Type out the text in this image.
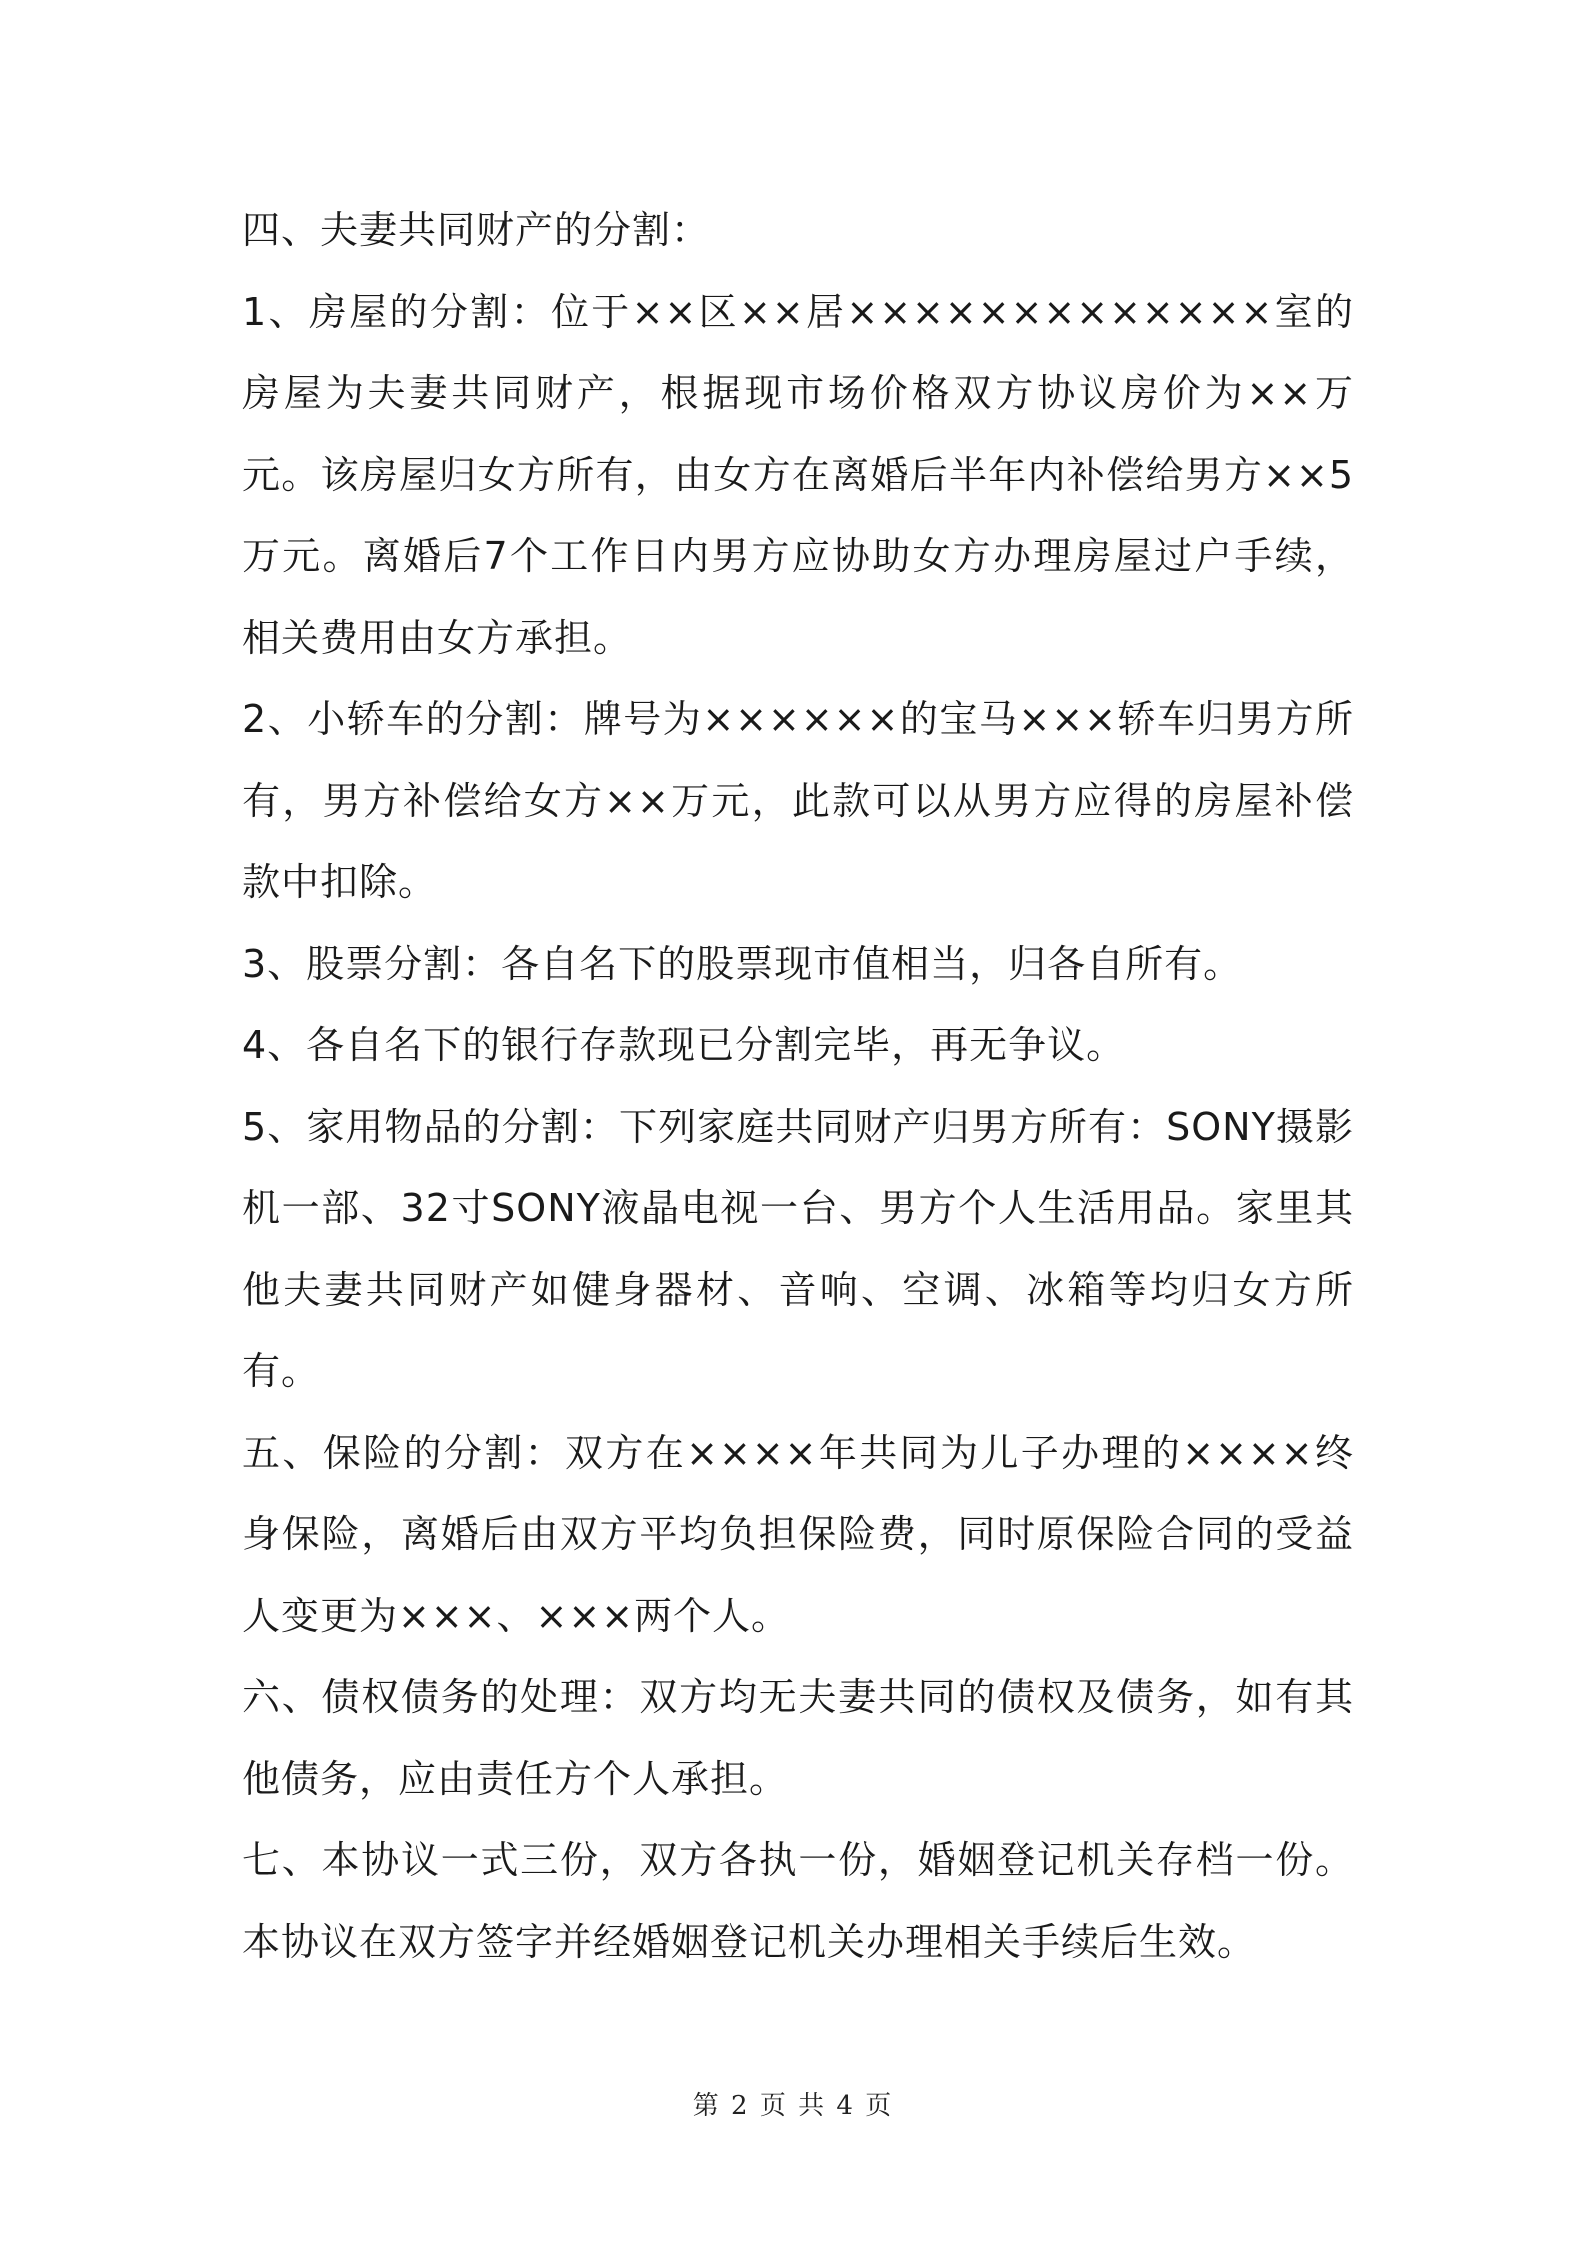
四、夫妻共同财产的分割：

1、房屋的分割：位于××区××居×××××××××××××室的房屋为夫妻共同财产，根据现市场价格双方协议房价为××万元。该房屋归女方所有，由女方在离婚后半年内补偿给男方××5万元。离婚后7个工作日内男方应协助女方办理房屋过户手续，相关费用由女方承担。

2、小轿车的分割：牌号为××××××的宝马×××轿车归男方所有，男方补偿给女方××万元，此款可以从男方应得的房屋补偿款中扣除。

3、股票分割：各自名下的股票现市值相当，归各自所有。

4、各自名下的银行存款现已分割完毕，再无争议。

5、家用物品的分割：下列家庭共同财产归男方所有：SONY摄影机一部、32寸SONY液晶电视一台、男方个人生活用品。家里其他夫妻共同财产如健身器材、音响、空调、冰箱等均归女方所有。

五、保险的分割：双方在××××年共同为儿子办理的××××终身保险，离婚后由双方平均负担保险费，同时原保险合同的受益人变更为×××、×××两个人。

六、债权债务的处理：双方均无夫妻共同的债权及债务，如有其他债务，应由责任方个人承担。

七、本协议一式三份，双方各执一份，婚姻登记机关存档一份。本协议在双方签字并经婚姻登记机关办理相关手续后生效。

第 2 页 共 4 页
